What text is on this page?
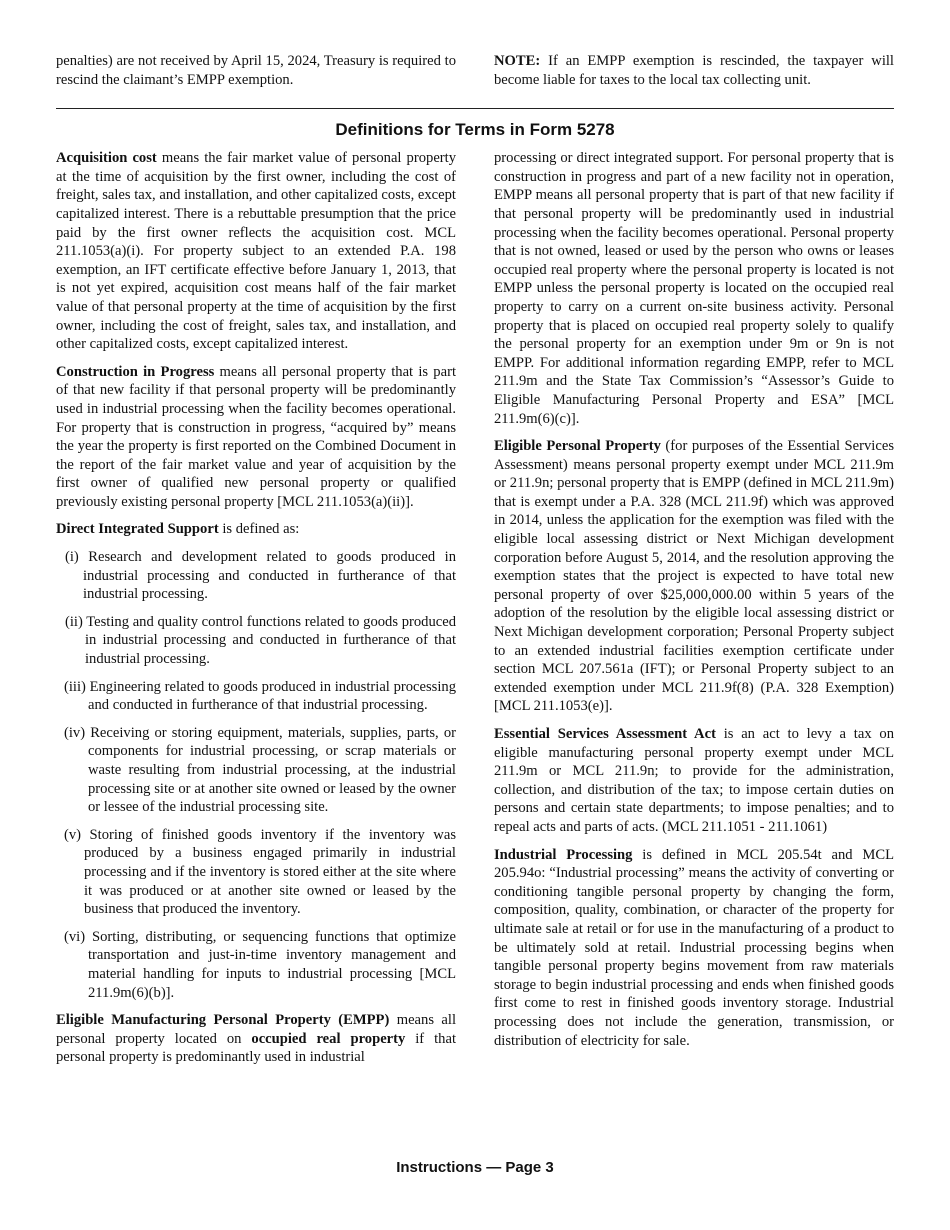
penalties) are not received by April 15, 2024, Treasury is required to rescind the claimant’s EMPP exemption.
NOTE: If an EMPP exemption is rescinded, the taxpayer will become liable for taxes to the local tax collecting unit.
Definitions for Terms in Form 5278

Acquisition cost means the fair market value of personal property at the time of acquisition by the first owner, including the cost of freight, sales tax, and installation, and other capitalized costs, except capitalized interest. There is a rebuttable presumption that the price paid by the first owner reflects the acquisition cost. MCL 211.1053(a)(i). For property subject to an extended P.A. 198 exemption, an IFT certificate effective before January 1, 2013, that is not yet expired, acquisition cost means half of the fair market value of that personal property at the time of acquisition by the first owner, including the cost of freight, sales tax, and installation, and other capitalized costs, except capitalized interest.

Construction in Progress means all personal property that is part of that new facility if that personal property will be predominantly used in industrial processing when the facility becomes operational. For property that is construction in progress, “acquired by” means the year the property is first reported on the Combined Document in the report of the fair market value and year of acquisition by the first owner of qualified new personal property or qualified previously existing personal property [MCL 211.1053(a)(ii)].

Direct Integrated Support is defined as:

(i) Research and development related to goods produced in industrial processing and conducted in furtherance of that industrial processing.

(ii) Testing and quality control functions related to goods produced in industrial processing and conducted in furtherance of that industrial processing.

(iii) Engineering related to goods produced in industrial processing and conducted in furtherance of that industrial processing.

(iv) Receiving or storing equipment, materials, supplies, parts, or components for industrial processing, or scrap materials or waste resulting from industrial processing, at the industrial processing site or at another site owned or leased by the owner or lessee of the industrial processing site.

(v) Storing of finished goods inventory if the inventory was produced by a business engaged primarily in industrial processing and if the inventory is stored either at the site where it was produced or at another site owned or leased by the business that produced the inventory.

(vi) Sorting, distributing, or sequencing functions that optimize transportation and just-in-time inventory management and material handling for inputs to industrial processing [MCL 211.9m(6)(b)].

Eligible Manufacturing Personal Property (EMPP) means all personal property located on occupied real property if that personal property is predominantly used in industrial

processing or direct integrated support. For personal property that is construction in progress and part of a new facility not in operation, EMPP means all personal property that is part of that new facility if that personal property will be predominantly used in industrial processing when the facility becomes operational. Personal property that is not owned, leased or used by the person who owns or leases occupied real property where the personal property is located is not EMPP unless the personal property is located on the occupied real property to carry on a current on-site business activity. Personal property that is placed on occupied real property solely to qualify the personal property for an exemption under 9m or 9n is not EMPP. For additional information regarding EMPP, refer to MCL 211.9m and the State Tax Commission’s “Assessor’s Guide to Eligible Manufacturing Personal Property and ESA” [MCL 211.9m(6)(c)].

Eligible Personal Property (for purposes of the Essential Services Assessment) means personal property exempt under MCL 211.9m or 211.9n; personal property that is EMPP (defined in MCL 211.9m) that is exempt under a P.A. 328 (MCL 211.9f) which was approved in 2014, unless the application for the exemption was filed with the eligible local assessing district or Next Michigan development corporation before August 5, 2014, and the resolution approving the exemption states that the project is expected to have total new personal property of over $25,000,000.00 within 5 years of the adoption of the resolution by the eligible local assessing district or Next Michigan development corporation; Personal Property subject to an extended industrial facilities exemption certificate under section MCL 207.561a (IFT); or Personal Property subject to an extended exemption under MCL 211.9f(8) (P.A. 328 Exemption) [MCL 211.1053(e)].

Essential Services Assessment Act is an act to levy a tax on eligible manufacturing personal property exempt under MCL 211.9m or MCL 211.9n; to provide for the administration, collection, and distribution of the tax; to impose certain duties on persons and certain state departments; to impose penalties; and to repeal acts and parts of acts. (MCL 211.1051 - 211.1061)

Industrial Processing is defined in MCL 205.54t and MCL 205.94o: “Industrial processing” means the activity of converting or conditioning tangible personal property by changing the form, composition, quality, combination, or character of the property for ultimate sale at retail or for use in the manufacturing of a product to be ultimately sold at retail. Industrial processing begins when tangible personal property begins movement from raw materials storage to begin industrial processing and ends when finished goods first come to rest in finished goods inventory storage. Industrial processing does not include the generation, transmission, or distribution of electricity for sale.

Instructions — Page 3
